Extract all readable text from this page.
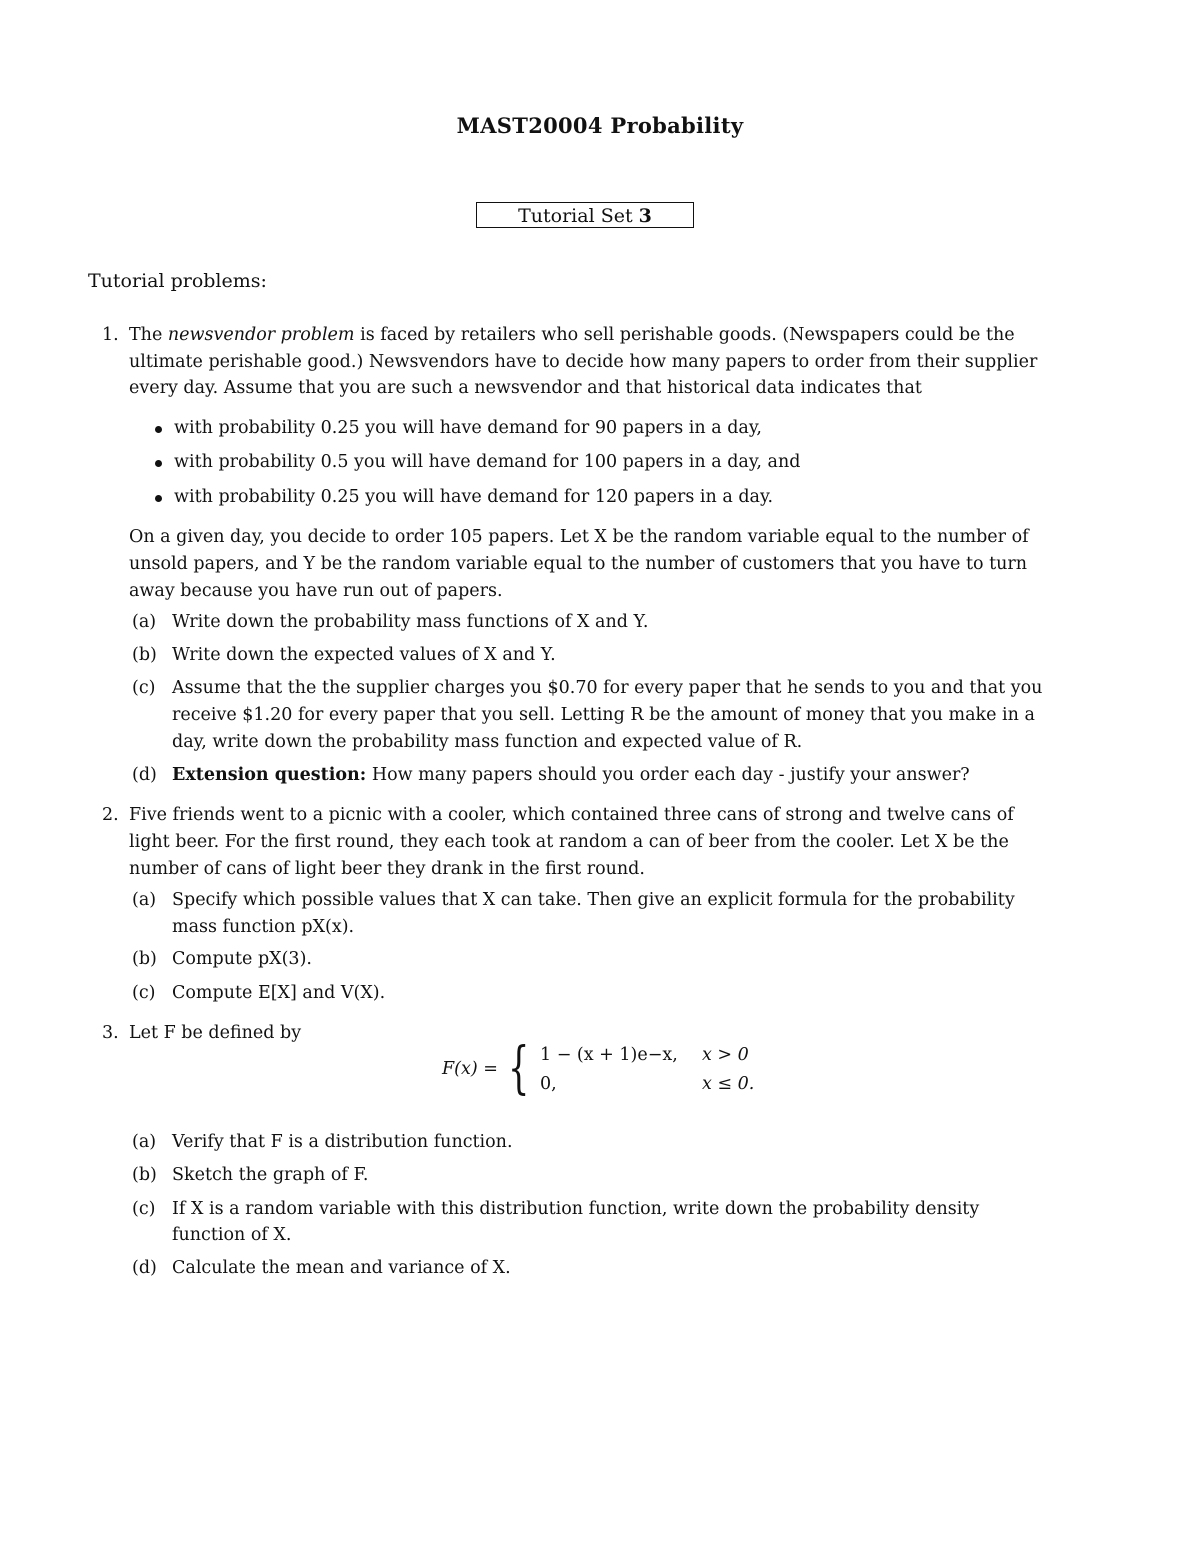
MAST20004 Probability
Tutorial Set 3
Tutorial problems:
1. The newsvendor problem is faced by retailers who sell perishable goods. (Newspapers could be the
ultimate perishable good.) Newsvendors have to decide how many papers to order from their supplier
every day. Assume that you are such a newsvendor and that historical data indicates that
with probability 0.25 you will have demand for 90 papers in a day,
with probability 0.5 you will have demand for 100 papers in a day, and
with probability 0.25 you will have demand for 120 papers in a day.
On a given day, you decide to order 105 papers. Let X be the random variable equal to the number of
unsold papers, and Y be the random variable equal to the number of customers that you have to turn
away because you have run out of papers.
(a) Write down the probability mass functions of X and Y.
(b) Write down the expected values of X and Y.
(c) Assume that the the supplier charges you $0.70 for every paper that he sends to you and that you
receive $1.20 for every paper that you sell. Letting R be the amount of money that you make in a
day, write down the probability mass function and expected value of R.
(d) Extension question: How many papers should you order each day - justify your answer?
2. Five friends went to a picnic with a cooler, which contained three cans of strong and twelve cans of
light beer. For the first round, they each took at random a can of beer from the cooler. Let X be the
number of cans of light beer they drank in the first round.
(a) Specify which possible values that X can take. Then give an explicit formula for the probability
mass function pX(x).
(b) Compute pX(3).
(c) Compute E[X] and V(X).
3. Let F be defined by
F(x) = { 1 − (x + 1)e−x, x > 0
0,	x ≤ 0.
(a) Verify that F is a distribution function.
(b) Sketch the graph of F.
(c) If X is a random variable with this distribution function, write down the probability density
function of X.
(d) Calculate the mean and variance of X.
